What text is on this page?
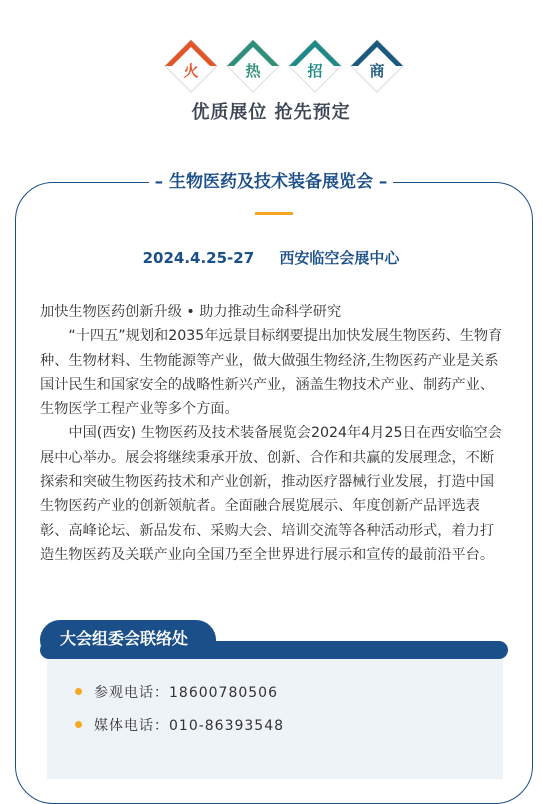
火	热	招	商
优质展位 抢先预定
– 生物医药及技术装备展览会 –
2024.4.25-27 西安临空会展中心

加快生物医药创新升级 • 助力推动生命科学研究

“十四五”规划和2035年远景目标纲要提出加快发展生物医药、生物育种、生物材料、生物能源等产业，做大做强生物经济,生物医药产业是关系国计民生和国家安全的战略性新兴产业，涵盖生物技术产业、制药产业、生物医学工程产业等多个方面。

中国(西安) 生物医药及技术装备展览会2024年4月25日在西安临空会展中心举办。展会将继续秉承开放、创新、合作和共赢的发展理念，不断探索和突破生物医药技术和产业创新，推动医疗器械行业发展，打造中国生物医药产业的创新领航者。全面融合展览展示、年度创新产品评选表彰、高峰论坛、新品发布、采购大会、培训交流等各种活动形式，着力打造生物医药及关联产业向全国乃至全世界进行展示和宣传的最前沿平台。

大会组委会联络处
参观电话：18600780506
媒体电话：010-86393548
